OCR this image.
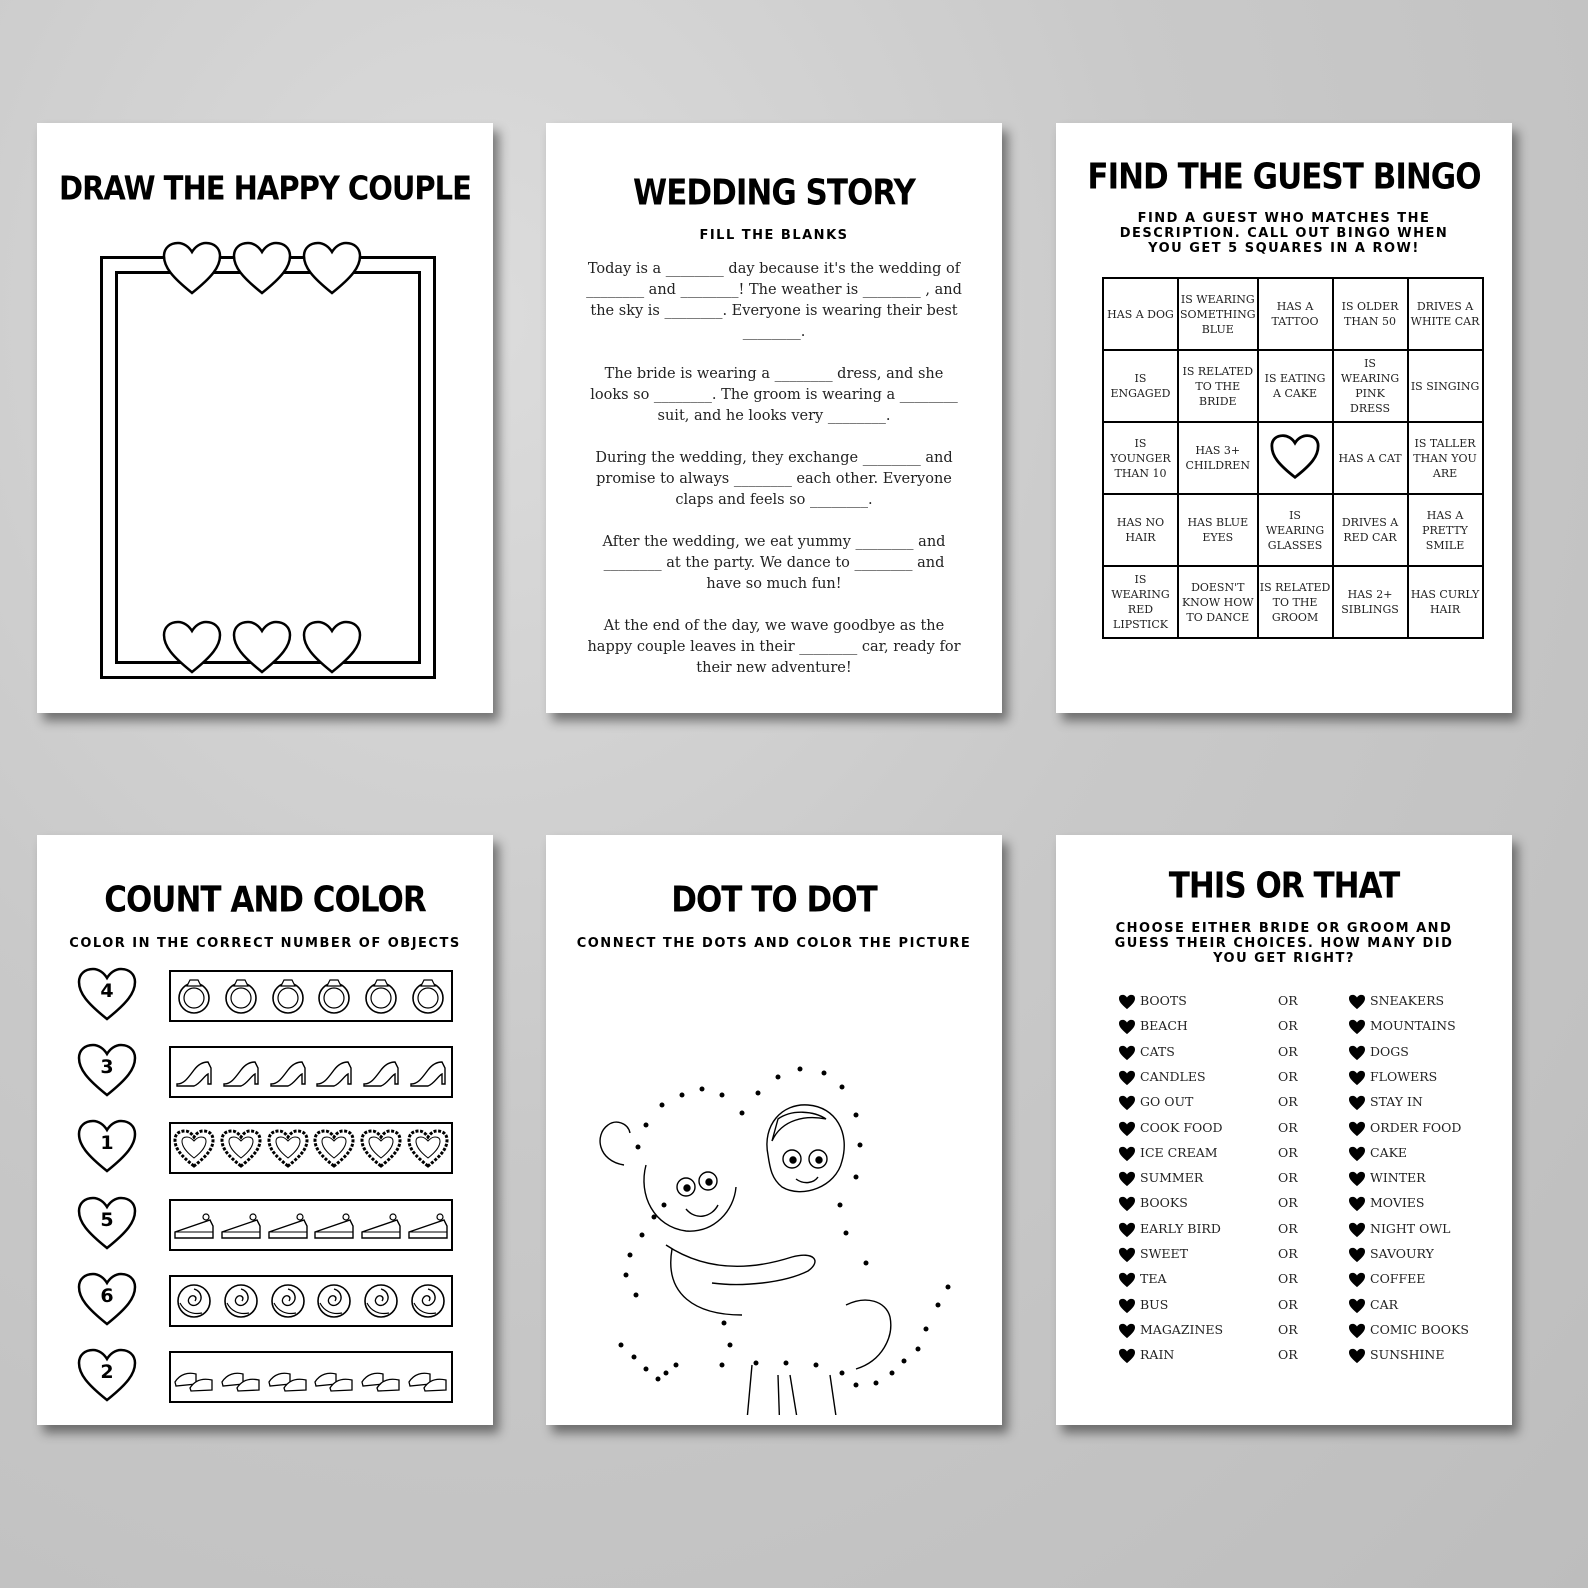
DRAW THE HAPPY COUPLE	WEDDING STORY
FILL THE BLANKS

Today is a ________ day because it's the wedding of ________ and ________! The weather is ________ , and the sky is ________. Everyone is wearing their best ________.

The bride is wearing a ________ dress, and she looks so ________. The groom is wearing a ________ suit, and he looks very ________.

During the wedding, they exchange ________ and promise to always ________ each other. Everyone claps and feels so ________.

After the wedding, we eat yummy ________ and ________ at the party. We dance to ________ and have so much fun!

At the end of the day, we wave goodbye as the happy couple leaves in their ________ car, ready for their new adventure!

FIND THE GUEST BINGO
FIND A GUEST WHO MATCHES THE DESCRIPTION. CALL OUT BINGO WHEN YOU GET 5 SQUARES IN A ROW!
HAS A DOG	IS WEARING SOMETHING BLUE	HAS A TATTOO	IS OLDER THAN 50	DRIVES A WHITE CAR
IS ENGAGED	IS RELATED TO THE BRIDE	IS EATING A CAKE	IS WEARING PINK DRESS	IS SINGING
IS YOUNGER THAN 10	HAS 3+ CHILDREN		HAS A CAT	IS TALLER THAN YOU ARE
HAS NO HAIR	HAS BLUE EYES	IS WEARING GLASSES	DRIVES A RED CAR	HAS A PRETTY SMILE
IS WEARING RED LIPSTICK	DOESN'T KNOW HOW TO DANCE	IS RELATED TO THE GROOM	HAS 2+ SIBLINGS	HAS CURLY HAIR
COUNT AND COLOR
COLOR IN THE CORRECT NUMBER OF OBJECTS
4
3
1
5
6
2
DOT TO DOT
CONNECT THE DOTS AND COLOR THE PICTURE
THIS OR THAT
CHOOSE EITHER BRIDE OR GROOM AND GUESS THEIR CHOICES. HOW MANY DID YOU GET RIGHT?
BOOTS	OR	SNEAKERS
BEACH	OR	MOUNTAINS
CATS	OR	DOGS
CANDLES	OR	FLOWERS
GO OUT	OR	STAY IN
COOK FOOD	OR	ORDER FOOD
ICE CREAM	OR	CAKE
SUMMER	OR	WINTER
BOOKS	OR	MOVIES
EARLY BIRD	OR	NIGHT OWL
SWEET	OR	SAVOURY
TEA	OR	COFFEE
BUS	OR	CAR
MAGAZINES	OR	COMIC BOOKS
RAIN	OR	SUNSHINE
